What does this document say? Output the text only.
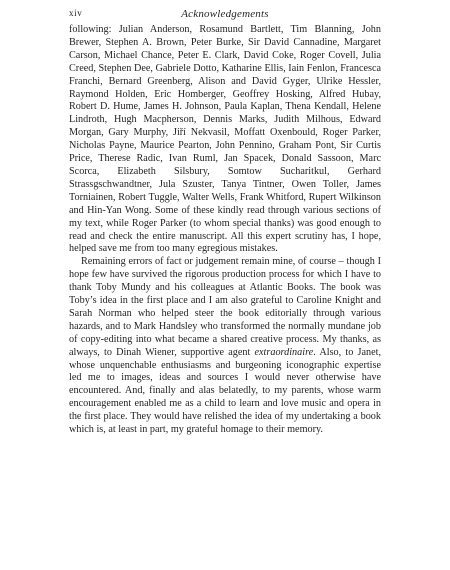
xiv	Acknowledgements

following: Julian Anderson, Rosamund Bartlett, Tim Blanning, John Brewer, Stephen A. Brown, Peter Burke, Sir David Cannadine, Margaret Carson, Michael Chance, Peter E. Clark, David Coke, Roger Covell, Julia Creed, Stephen Dee, Gabriele Dotto, Katharine Ellis, Iain Fenlon, Francesca Franchi, Bernard Greenberg, Alison and David Gyger, Ulrike Hessler, Raymond Holden, Eric Homberger, Geoffrey Hosking, Alfred Hubay, Robert D. Hume, James H. Johnson, Paula Kaplan, Thena Kendall, Helene Lindroth, Hugh Macpherson, Dennis Marks, Judith Milhous, Edward Morgan, Gary Murphy, Jiří Nekvasil, Moffatt Oxenbould, Roger Parker, Nicholas Payne, Maurice Pearton, John Pennino, Graham Pont, Sir Curtis Price, Therese Radic, Ivan Ruml, Jan Spacek, Donald Sassoon, Marc Scorca, Elizabeth Silsbury, Somtow Sucharitkul, Gerhard Strassgschwandtner, Jula Szuster, Tanya Tintner, Owen Toller, James Torniainen, Robert Tuggle, Walter Wells, Frank Whitford, Rupert Wilkinson and Hin-Yan Wong. Some of these kindly read through various sections of my text, while Roger Parker (to whom special thanks) was good enough to read and check the entire manuscript. All this expert scrutiny has, I hope, helped save me from too many egregious mistakes.

Remaining errors of fact or judgement remain mine, of course – though I hope few have survived the rigorous production process for which I have to thank Toby Mundy and his colleagues at Atlantic Books. The book was Toby’s idea in the first place and I am also grateful to Caroline Knight and Sarah Norman who helped steer the book editorially through various hazards, and to Mark Handsley who transformed the normally mundane job of copy-editing into what became a shared creative process. My thanks, as always, to Dinah Wiener, supportive agent extraordinaire. Also, to Janet, whose unquenchable enthusiasms and burgeoning iconographic expertise led me to images, ideas and sources I would never otherwise have encountered. And, finally and alas belatedly, to my parents, whose warm encouragement enabled me as a child to learn and love music and opera in the first place. They would have relished the idea of my undertaking a book which is, at least in part, my grateful homage to their memory.
